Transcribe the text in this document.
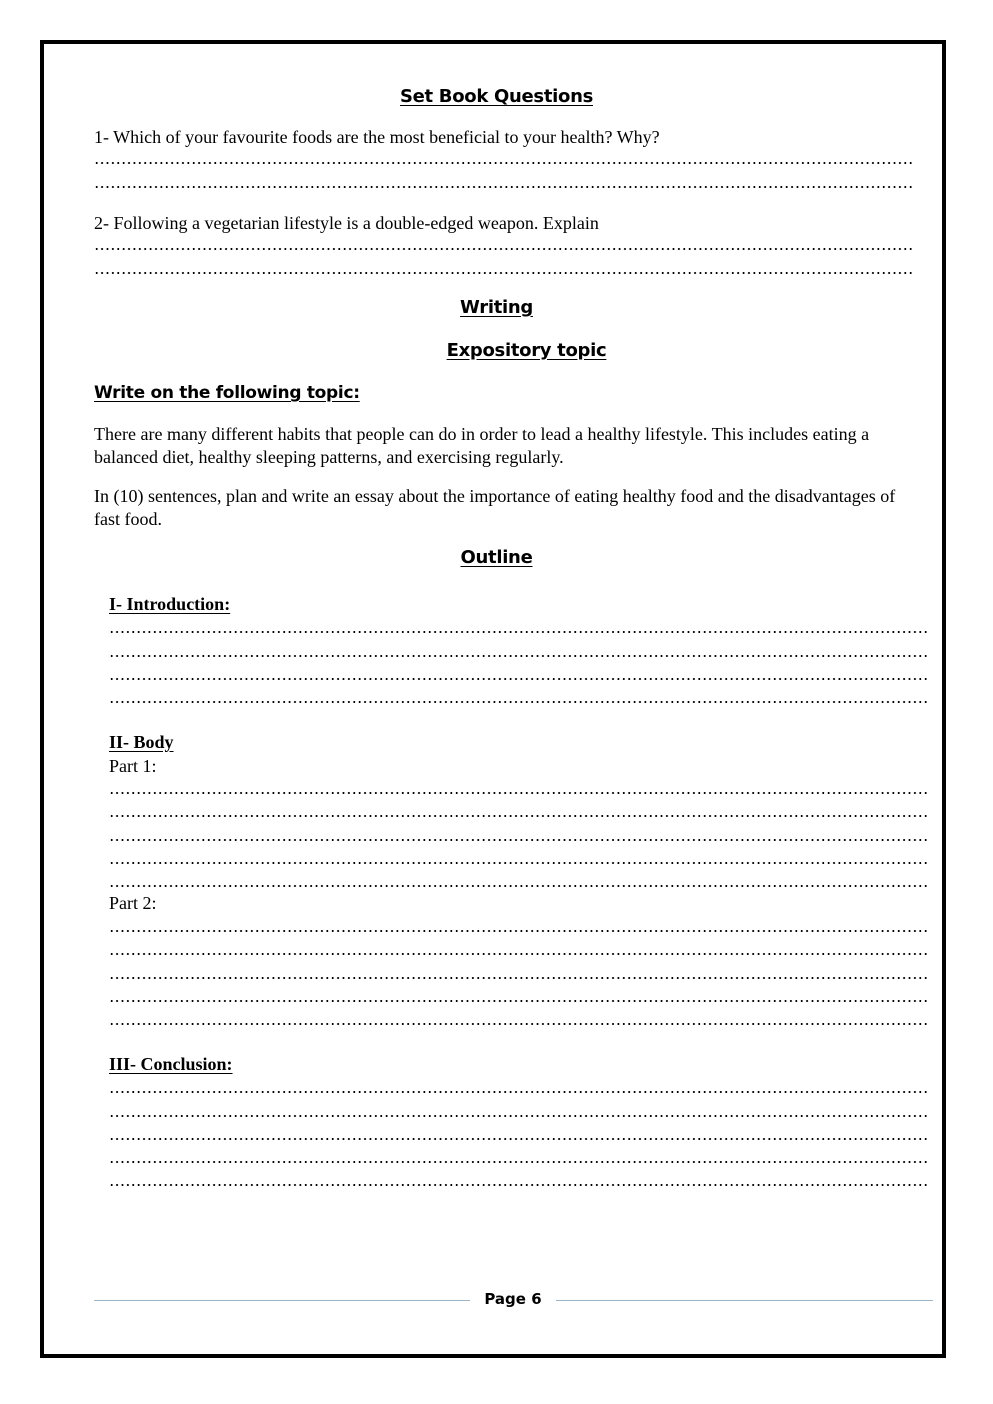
Set Book Questions
1- Which of your favourite foods are the most beneficial to your health? Why?
2- Following a vegetarian lifestyle is a double-edged weapon. Explain
Writing
Expository topic
Write on the following topic:
There are many different habits that people can do in order to lead a healthy lifestyle. This includes eating a balanced diet, healthy sleeping patterns, and exercising regularly.
In (10) sentences, plan and write an essay about the importance of eating healthy food and the disadvantages of fast food.
Outline
I- Introduction:
II- Body
Part 1:
Part 2:
III- Conclusion:
Page 6
